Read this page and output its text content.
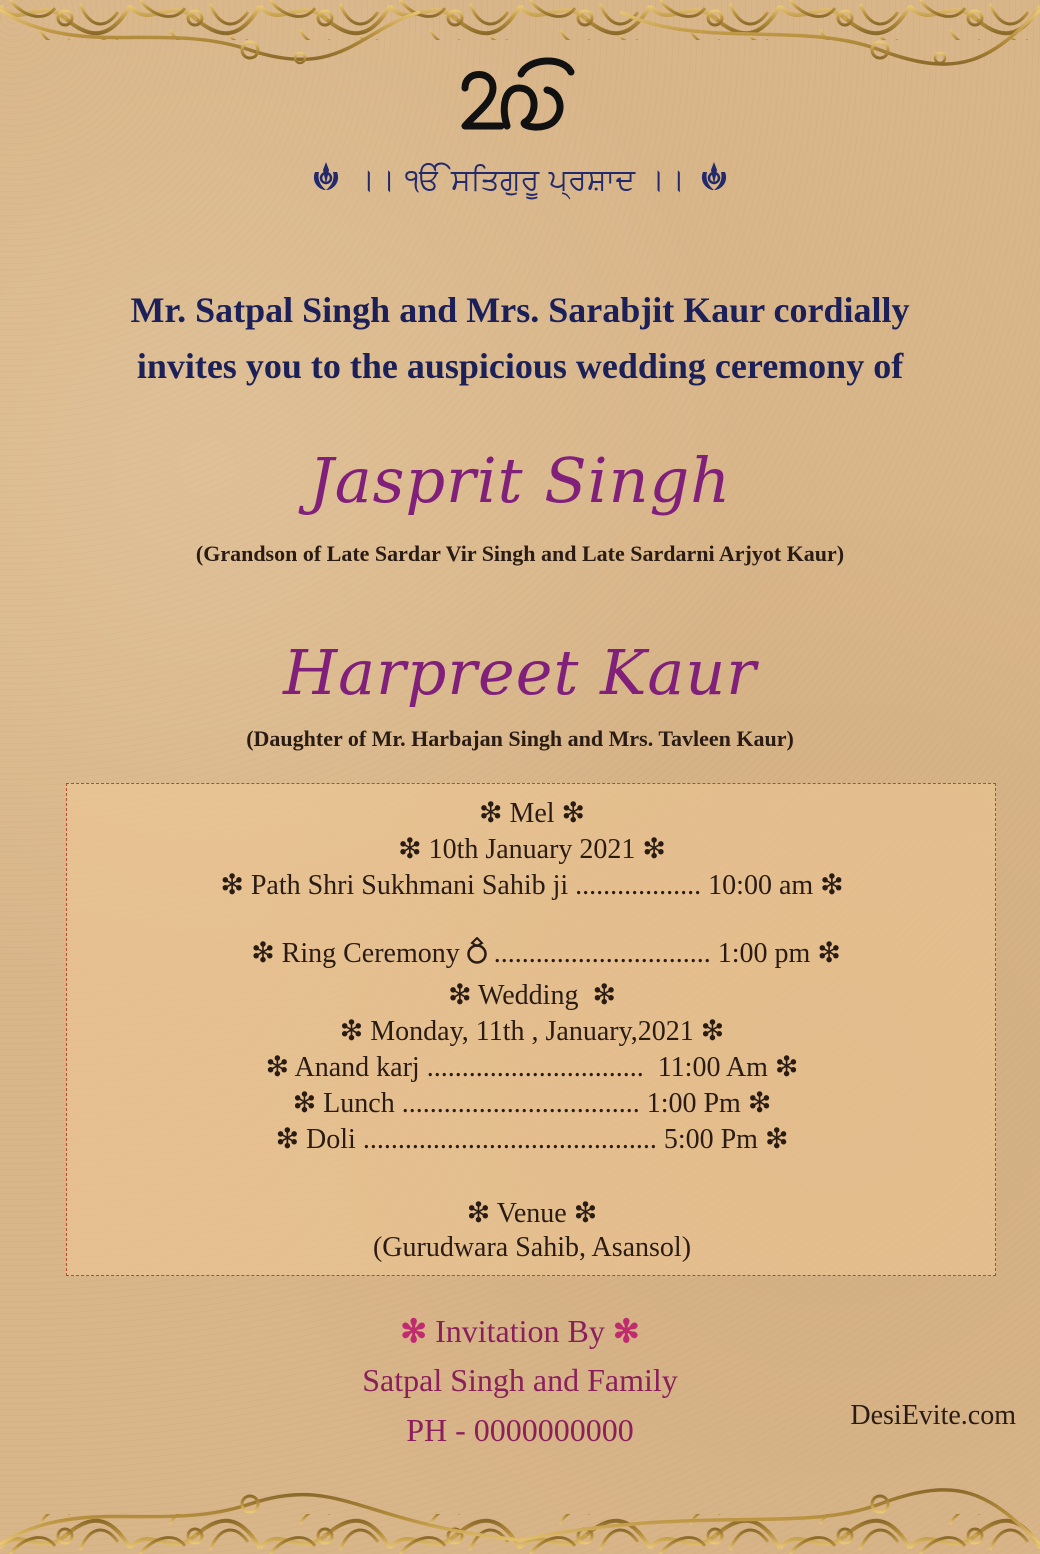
।। ੴ ਸਤਿਗੁਰੂ ਪ੍ਰਸ਼ਾਦ ।।
Mr. Satpal Singh and Mrs. Sarabjit Kaur cordially
invites you to the auspicious wedding ceremony of
Jasprit Singh
(Grandson of Late Sardar Vir Singh and Late Sardarni Arjyot Kaur)
Harpreet Kaur
(Daughter of Mr. Harbajan Singh and Mrs. Tavleen Kaur)
❇ Mel ❇
❇ 10th January 2021 ❇
❇ Path Shri Sukhmani Sahib ji .................. 10:00 am ❇

❇ Ring Ceremony ............................... 1:00 pm ❇

❇ Wedding  ❇
❇ Monday, 11th , January,2021 ❇
❇ Anand karj ...............................  11:00 Am ❇
❇ Lunch .................................. 1:00 Pm ❇
❇ Doli .......................................... 5:00 Pm ❇
❇ Venue ❇
(Gurudwara Sahib, Asansol)
✻ Invitation By ✻
Satpal Singh and Family
PH - 0000000000	DesiEvite.com
